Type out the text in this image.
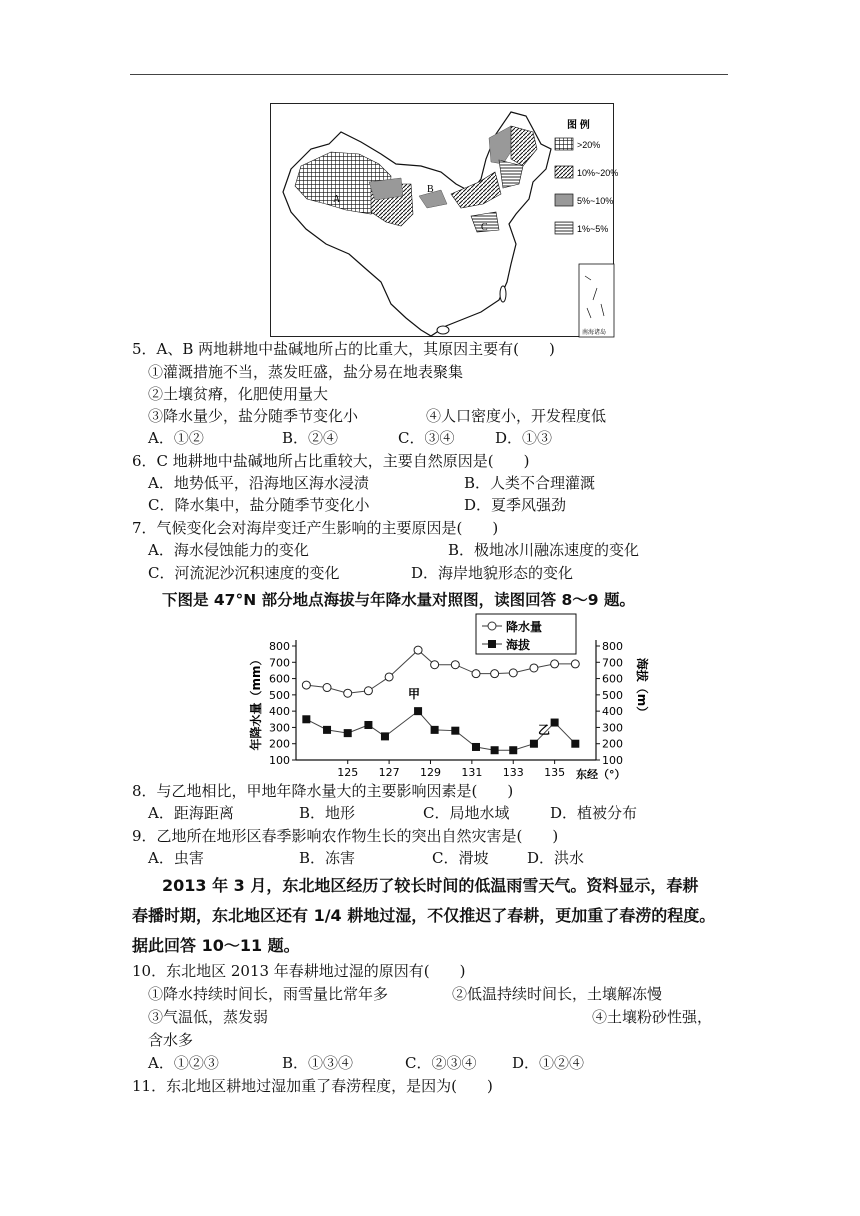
A
B
C
图 例
>20%
10%~20%
5%~10%
1%~5%
南海诸岛
5．A、B 两地耕地中盐碱地所占的比重大，其原因主要有(　　)
①灌溉措施不当，蒸发旺盛，盐分易在地表聚集
②土壤贫瘠，化肥使用量大
③降水量少，盐分随季节变化小	④人口密度小，开发程度低
A．①②	B．②④	C．③④	D．①③
6．C 地耕地中盐碱地所占比重较大，主要自然原因是(　　)
A．地势低平，沿海地区海水浸渍	B．人类不合理灌溉
C．降水集中，盐分随季节变化小	D．夏季风强劲
7．气候变化会对海岸变迁产生影响的主要原因是(　　)
A．海水侵蚀能力的变化	B．极地冰川融冻速度的变化
C．河流泥沙沉积速度的变化	D．海岸地貌形态的变化
下图是 47°N 部分地点海拔与年降水量对照图，读图回答 8～9 题。
100	100
200	200
300	300
400	400
500	500
600	600
700	700
800	800
125 127 129 131 133 135
降水量
海拔
年降水量（mm）	海拔（m）
东经（°）
甲
乙
8．与乙地相比，甲地年降水量大的主要影响因素是(　　)
A．距海距离	B．地形	C．局地水域	D．植被分布
9．乙地所在地形区春季影响农作物生长的突出自然灾害是(　　)
A．虫害	B．冻害	C．滑坡	D．洪水
2013 年 3 月，东北地区经历了较长时间的低温雨雪天气。资料显示，春耕
春播时期，东北地区还有 1/4 耕地过湿，不仅推迟了春耕，更加重了春涝的程度。
据此回答 10～11 题。
10．东北地区 2013 年春耕地过湿的原因有(　　)
①降水持续时间长，雨雪量比常年多	②低温持续时间长，土壤解冻慢
③气温低，蒸发弱	④土壤粉砂性强，
含水多
A．①②③	B．①③④	C．②③④ D．①②④
11．东北地区耕地过湿加重了春涝程度，是因为(　　)
